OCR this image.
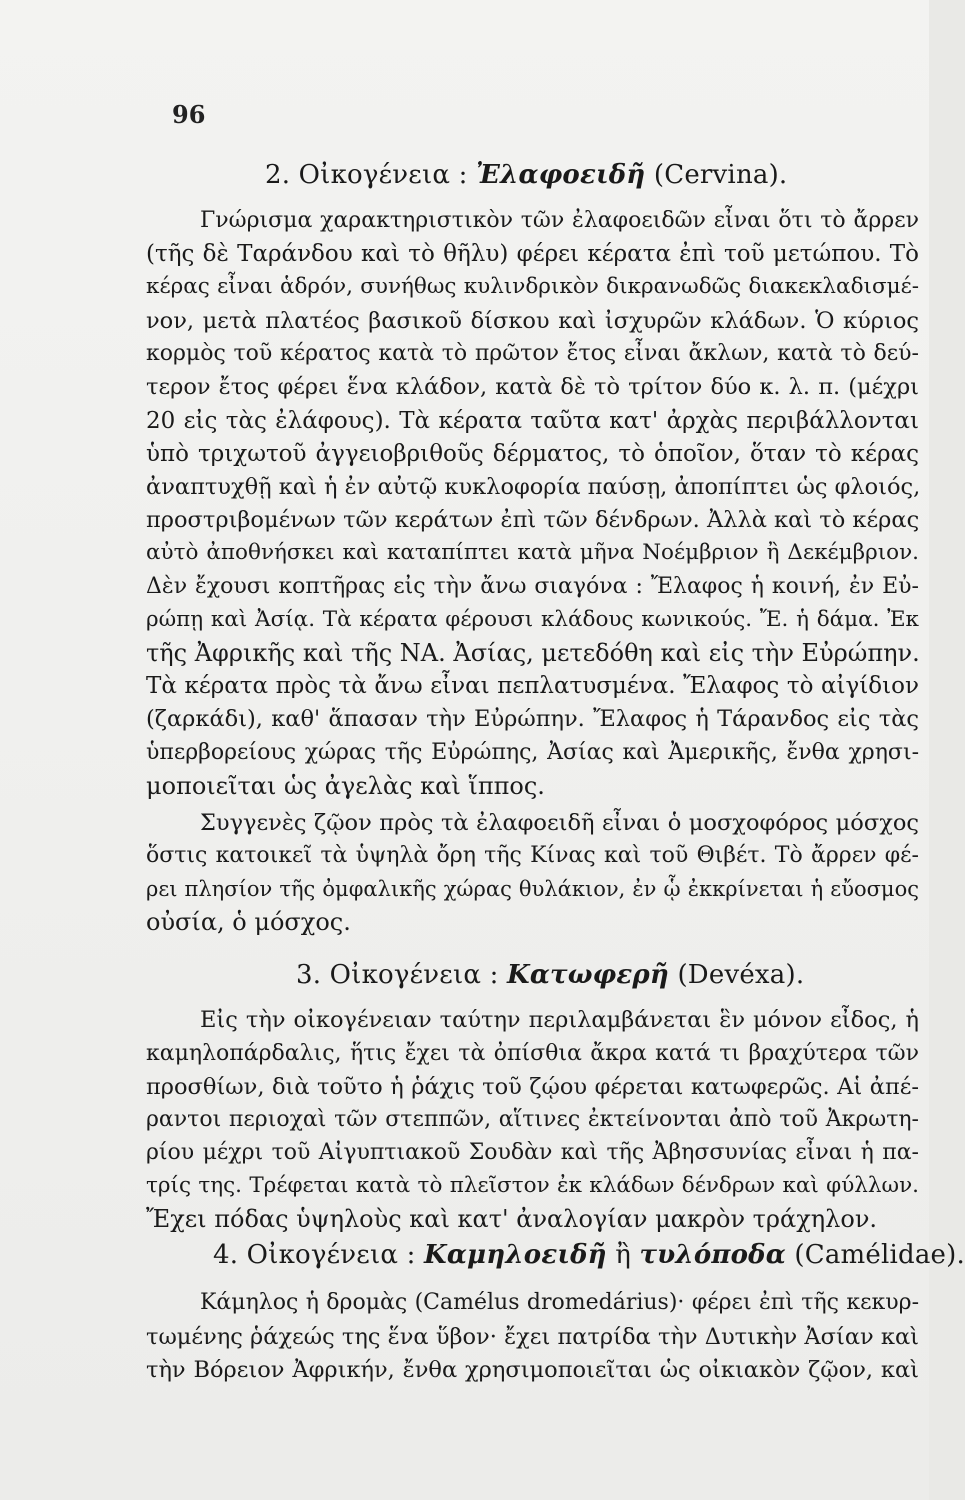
96
2. Οἰκογένεια : Ἐλαφοειδῆ (Cervina).
Γνώρισμα χαρακτηριστικὸν τῶν ἐλαφοειδῶν εἶναι ὅτι τὸ ἄρρεν
(τῆς δὲ Ταράνδου καὶ τὸ θῆλυ) φέρει κέρατα ἐπὶ τοῦ μετώπου. Τὸ
κέρας εἶναι ἁδρόν, συνήθως κυλινδρικὸν δικρανωδῶς διακεκλαδισμέ-
νον, μετὰ πλατέος βασικοῦ δίσκου καὶ ἰσχυρῶν κλάδων. Ὁ κύριος
κορμὸς τοῦ κέρατος κατὰ τὸ πρῶτον ἔτος εἶναι ἄκλων, κατὰ τὸ δεύ-
τερον ἔτος φέρει ἕνα κλάδον, κατὰ δὲ τὸ τρίτον δύο κ. λ. π. (μέχρι
20 εἰς τὰς ἐλάφους). Τὰ κέρατα ταῦτα κατ' ἀρχὰς περιβάλλονται
ὑπὸ τριχωτοῦ ἀγγειοβριθοῦς δέρματος, τὸ ὁποῖον, ὅταν τὸ κέρας
ἀναπτυχθῇ καὶ ἡ ἐν αὐτῷ κυκλοφορία παύσῃ, ἀποπίπτει ὡς φλοιός,
προστριβομένων τῶν κεράτων ἐπὶ τῶν δένδρων. Ἀλλὰ καὶ τὸ κέρας
αὐτὸ ἀποθνήσκει καὶ καταπίπτει κατὰ μῆνα Νοέμβριον ἢ Δεκέμβριον.
Δὲν ἔχουσι κοπτῆρας εἰς τὴν ἄνω σιαγόνα : Ἔλαφος ἡ κοινή, ἐν Εὐ-
ρώπῃ καὶ Ἀσίᾳ. Τὰ κέρατα φέρουσι κλάδους κωνικούς. Ἔ. ἡ δάμα. Ἐκ
τῆς Ἀφρικῆς καὶ τῆς ΝΑ. Ἀσίας, μετεδόθη καὶ εἰς τὴν Εὐρώπην.
Τὰ κέρατα πρὸς τὰ ἄνω εἶναι πεπλατυσμένα. Ἔλαφος τὸ αἰγίδιον
(ζαρκάδι), καθ' ἅπασαν τὴν Εὐρώπην. Ἔλαφος ἡ Τάρανδος εἰς τὰς
ὑπερβορείους χώρας τῆς Εὐρώπης, Ἀσίας καὶ Ἀμερικῆς, ἔνθα χρησι-
μοποιεῖται ὡς ἀγελὰς καὶ ἵππος.
Συγγενὲς ζῷον πρὸς τὰ ἐλαφοειδῆ εἶναι ὁ μοσχοφόρος μόσχος
ὅστις κατοικεῖ τὰ ὑψηλὰ ὄρη τῆς Κίνας καὶ τοῦ Θιβέτ. Τὸ ἄρρεν φέ-
ρει πλησίον τῆς ὀμφαλικῆς χώρας θυλάκιον, ἐν ᾧ ἐκκρίνεται ἡ εὔοσμος
οὐσία, ὁ μόσχος.
3. Οἰκογένεια : Κατωφερῆ (Devéxa).
Εἰς τὴν οἰκογένειαν ταύτην περιλαμβάνεται ἓν μόνον εἶδος, ἡ
καμηλοπάρδαλις, ἥτις ἔχει τὰ ὀπίσθια ἄκρα κατά τι βραχύτερα τῶν
προσθίων, διὰ τοῦτο ἡ ῥάχις τοῦ ζῴου φέρεται κατωφερῶς. Αἱ ἀπέ-
ραντοι περιοχαὶ τῶν στεππῶν, αἵτινες ἐκτείνονται ἀπὸ τοῦ Ἀκρωτη-
ρίου μέχρι τοῦ Αἰγυπτιακοῦ Σουδὰν καὶ τῆς Ἀβησσυνίας εἶναι ἡ πα-
τρίς της. Τρέφεται κατὰ τὸ πλεῖστον ἐκ κλάδων δένδρων καὶ φύλλων.
Ἔχει πόδας ὑψηλοὺς καὶ κατ' ἀναλογίαν μακρὸν τράχηλον.
4. Οἰκογένεια : Καμηλοειδῆ ἢ τυλόποδα (Camélidae).
Κάμηλος ἡ δρομὰς (Camélus dromedárius)· φέρει ἐπὶ τῆς κεκυρ-
τωμένης ῥάχεώς της ἕνα ὕβον· ἔχει πατρίδα τὴν Δυτικὴν Ἀσίαν καὶ
τὴν Βόρειον Ἀφρικήν, ἔνθα χρησιμοποιεῖται ὡς οἰκιακὸν ζῷον, καὶ
